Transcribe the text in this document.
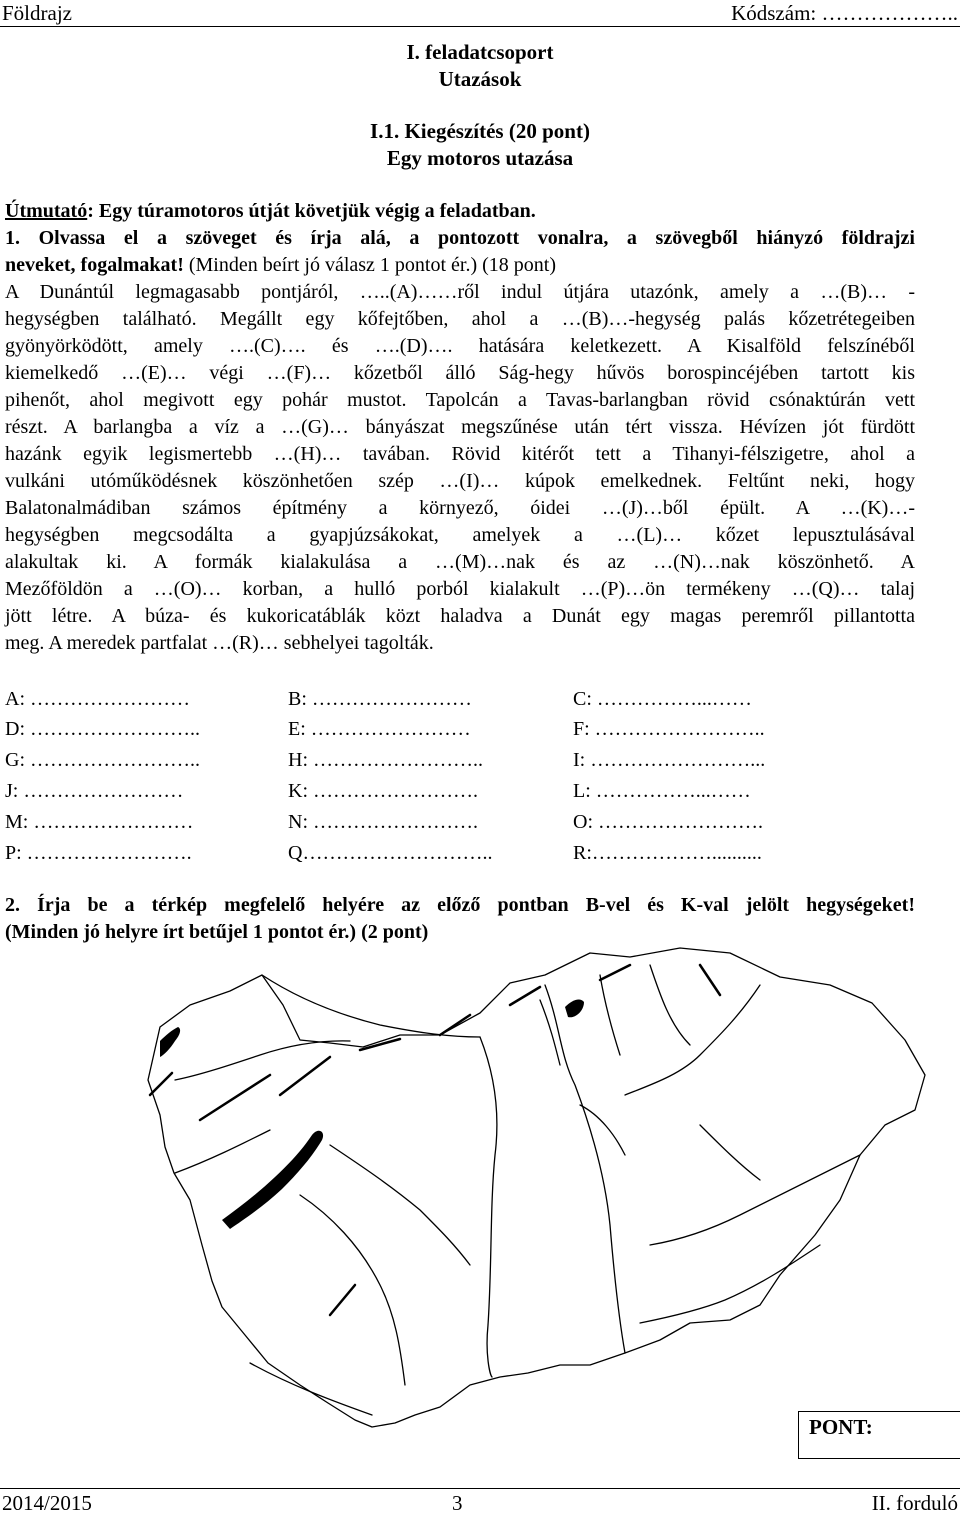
Földrajz	Kódszám: ………………..
I. feladatcsoport
Utazások
I.1. Kiegészítés (20 pont)
Egy motoros utazása
Útmutató: Egy túramotoros útját követjük végig a feladatban.
1. Olvassa el a szöveget és írja alá, a pontozott vonalra, a szövegből hiányzó földrajzi
neveket, fogalmakat! (Minden beírt jó válasz 1 pontot ér.) (18 pont)
A Dunántúl legmagasabb pontjáról, …..(A)……ről indul útjára utazónk, amely a …(B)… -
hegységben található. Megállt egy kőfejtőben, ahol a …(B)…-hegység palás kőzetrétegeiben
gyönyörködött, amely ….(C)…. és ….(D)…. hatására keletkezett. A Kisalföld felszínéből
kiemelkedő …(E)… végi …(F)… kőzetből álló Ság-hegy hűvös borospincéjében tartott kis
pihenőt, ahol megivott egy pohár mustot. Tapolcán a Tavas-barlangban rövid csónaktúrán vett
részt. A barlangba a víz a …(G)… bányászat megszűnése után tért vissza. Hévízen jót fürdött
hazánk egyik legismertebb …(H)… tavában. Rövid kitérőt tett a Tihanyi-félszigetre, ahol a
vulkáni utóműködésnek köszönhetően szép …(I)… kúpok emelkednek. Feltűnt neki, hogy
Balatonalmádiban számos építmény a környező, óidei …(J)…ből épült. A …(K)…-
hegységben megcsodálta a gyapjúzsákokat, amelyek a …(L)… kőzet lepusztulásával
alakultak ki. A formák kialakulása a …(M)…nak és az …(N)…nak köszönhető. A
Mezőföldön a …(O)… korban, a hulló porból kialakult …(P)…ön termékeny …(Q)… talaj
jött létre. A búza- és kukoricatáblák közt haladva a Dunát egy magas peremről pillantotta
meg. A meredek partfalat …(R)… sebhelyei tagolták.
A: ……………………	B: ……………………	C: ……………...……
D: ……………………..	E: ……………………	F: ……………………..
G: ……………………..	H: ……………………..	I: ……………………...
J: ……………………	K: …………………….	L: ……………...……
M: ……………………	N: …………………….	O: …………………….
P: …………………….	Q………………………..	R:………………..........
2. Írja be a térkép megfelelő helyére az előző pontban B-vel és K-val jelölt hegységeket!
(Minden jó helyre írt betűjel 1 pontot ér.) (2 pont)
PONT:
2014/2015	3	II. forduló
